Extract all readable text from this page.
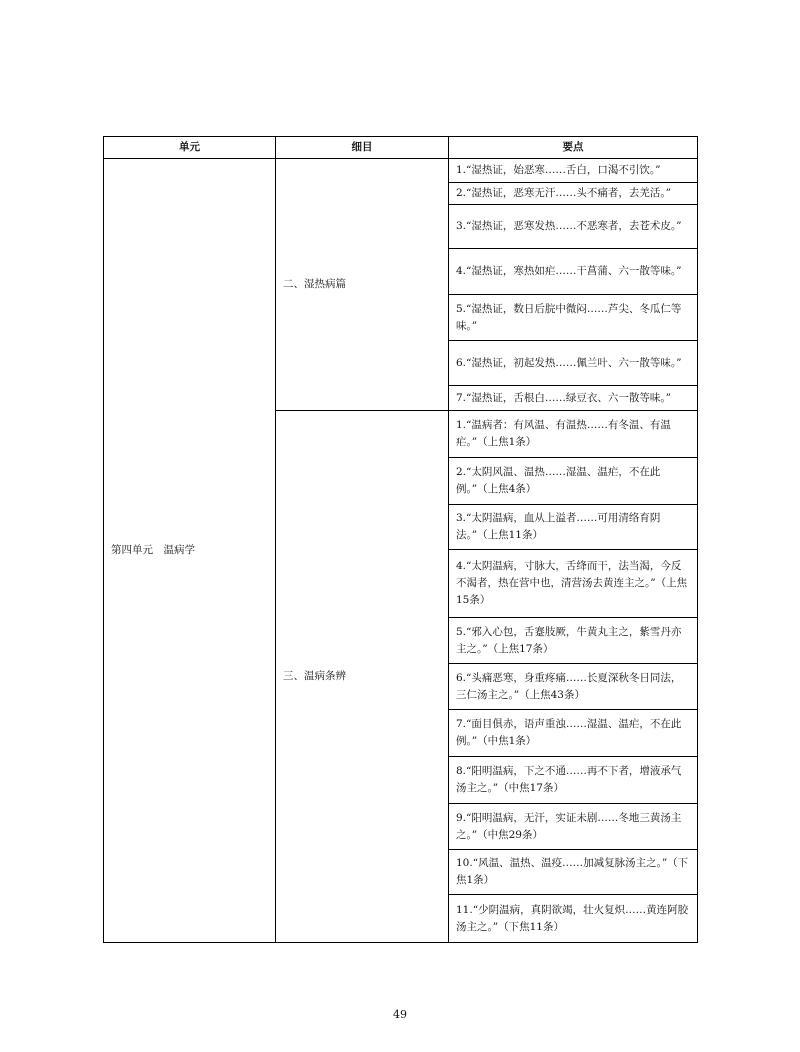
单元	细目	要点
第四单元　温病学	二、湿热病篇	1.“湿热证，始恶寒……舌白，口渴不引饮。”
		2.“湿热证，恶寒无汗……头不痛者，去羌活。”
		3.“湿热证，恶寒发热……不恶寒者，去苍术皮。”
		4.“湿热证，寒热如疟……干菖蒲、六一散等味。”
		5.“湿热证，数日后脘中微闷……芦尖、冬瓜仁等味。”
		6.“湿热证，初起发热……佩兰叶、六一散等味。”
		7.“湿热证，舌根白……绿豆衣、六一散等味。”
	三、温病条辨	1.“温病者：有风温、有温热……有冬温、有温疟。”（上焦1条）
		2.“太阴风温、温热……湿温、温疟，不在此例。”（上焦4条）
		3.“太阴温病，血从上溢者……可用清络育阴法。”（上焦11条）
		4.“太阴温病，寸脉大，舌绛而干，法当渴，今反不渴者，热在营中也，清营汤去黄连主之。”（上焦15条）
		5.“邪入心包，舌蹇肢厥，牛黄丸主之，紫雪丹亦主之。”（上焦17条）
		6.“头痛恶寒，身重疼痛……长夏深秋冬日同法，三仁汤主之。”（上焦43条）
		7.“面目俱赤，语声重浊……湿温、温疟，不在此例。”（中焦1条）
		8.“阳明温病，下之不通……再不下者，增液承气汤主之。”（中焦17条）
		9.“阳明温病，无汗，实证未剧……冬地三黄汤主之。”（中焦29条）
		10.“风温、温热、温疫……加减复脉汤主之。”（下焦1条）
		11.“少阴温病，真阴欲竭，壮火复炽……黄连阿胶汤主之。”（下焦11条）
49
